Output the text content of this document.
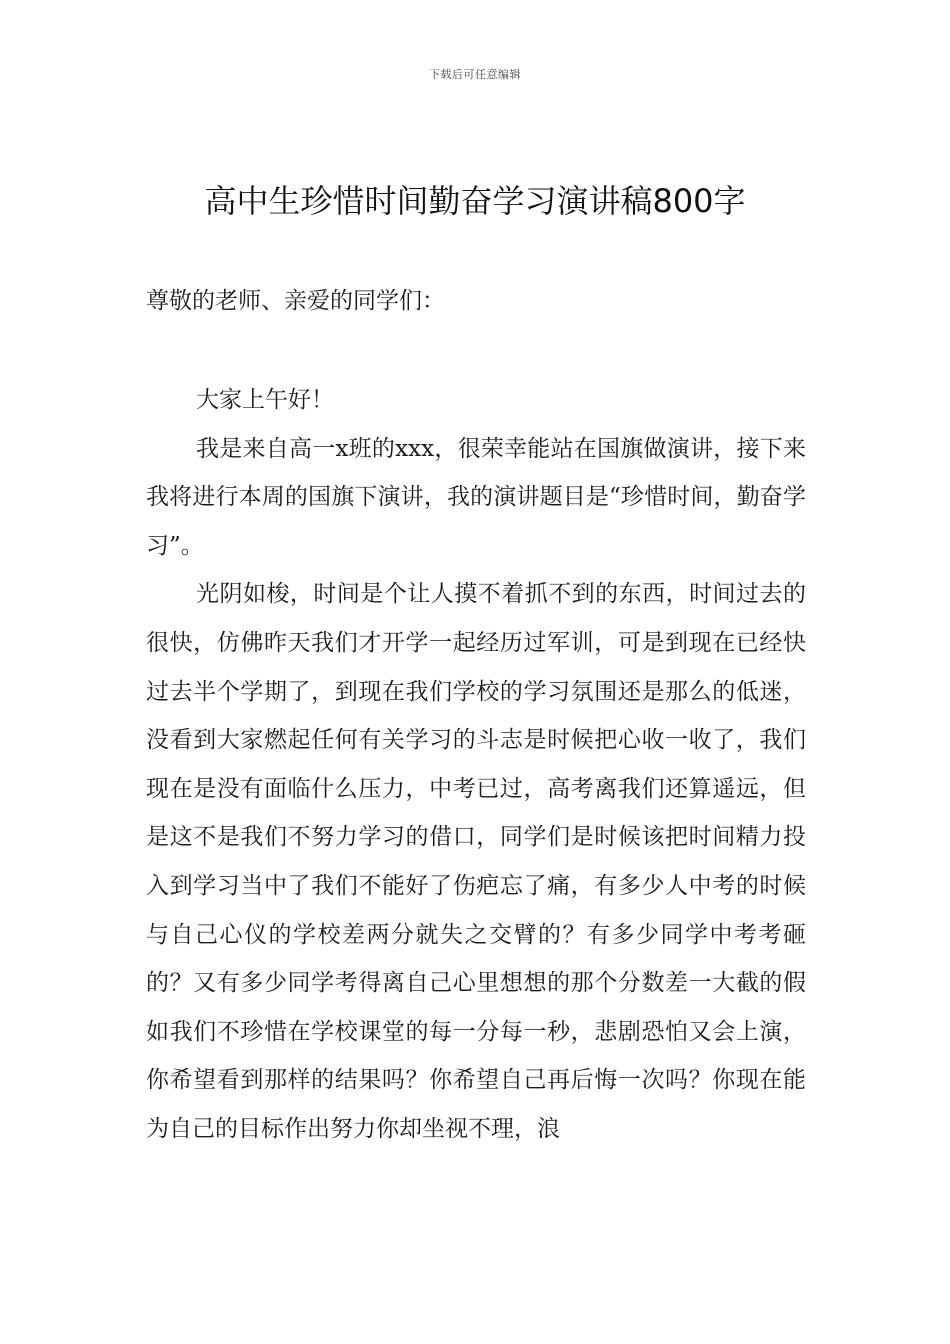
下载后可任意编辑
高中生珍惜时间勤奋学习演讲稿800字

尊敬的老师、亲爱的同学们：

大家上午好！

我是来自高一x班的xxx，很荣幸能站在国旗做演讲，接下来我将进行本周的国旗下演讲，我的演讲题目是“珍惜时间，勤奋学习”。

光阴如梭，时间是个让人摸不着抓不到的东西，时间过去的很快，仿佛昨天我们才开学一起经历过军训，可是到现在已经快过去半个学期了，到现在我们学校的学习氛围还是那么的低迷，没看到大家燃起任何有关学习的斗志是时候把心收一收了，我们现在是没有面临什么压力，中考已过，高考离我们还算遥远，但是这不是我们不努力学习的借口，同学们是时候该把时间精力投入到学习当中了我们不能好了伤疤忘了痛，有多少人中考的时候与自己心仪的学校差两分就失之交臂的？有多少同学中考考砸的？又有多少同学考得离自己心里想想的那个分数差一大截的假如我们不珍惜在学校课堂的每一分每一秒，悲剧恐怕又会上演，你希望看到那样的结果吗？你希望自己再后悔一次吗？你现在能为自己的目标作出努力你却坐视不理，浪
